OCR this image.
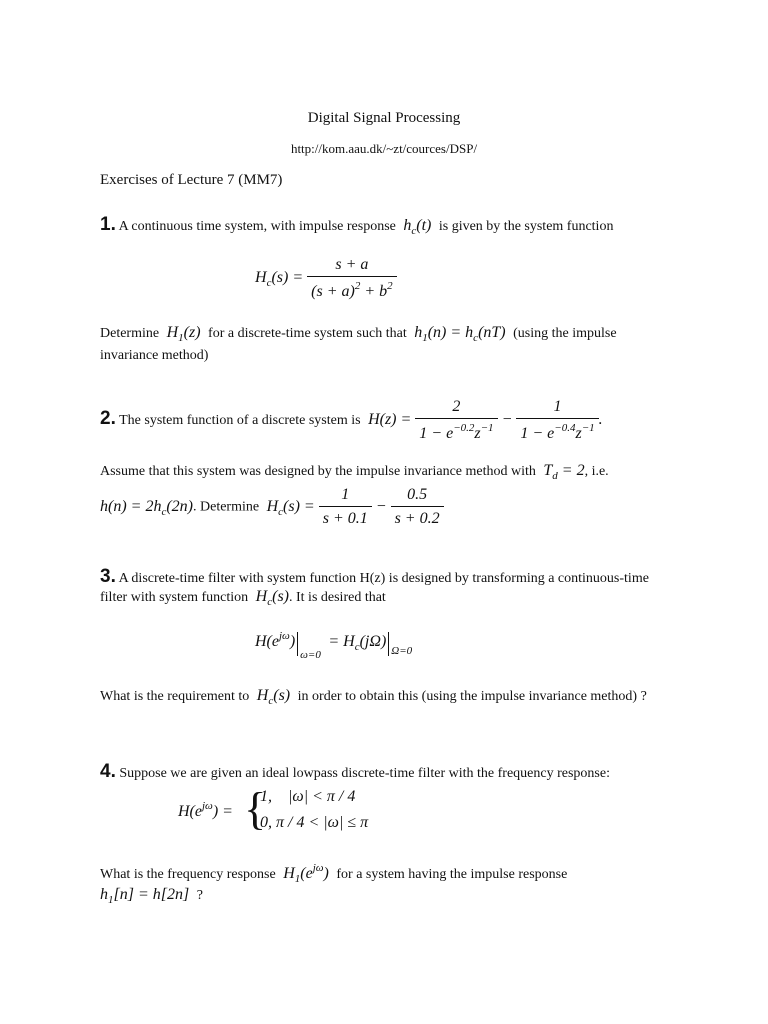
Digital Signal Processing
http://kom.aau.dk/~zt/cources/DSP/
Exercises of Lecture 7 (MM7)
1. A continuous time system, with impulse response  $h_c(t)$  is given by the system function
$H_c(s) = \frac{s + a}{(s + a)^2 + b^2}$
Determine  $H_1(z)$  for a discrete-time system such that  $h_1(n) = h_c(nT)$  (using the impulse
invariance method)
2. The system function of a discrete system is  $H(z) = \frac{2}{1 - e^{-0.2}z^{-1}} - \frac{1}{1 - e^{-0.4}z^{-1}}$ .
Assume that this system was designed by the impulse invariance method with  $T_d = 2$, i.e.
$h(n) = 2h_c(2n)$. Determine  $H_c(s) = \frac{1}{s + 0.1} - \frac{0.5}{s + 0.2}$
3. A discrete-time filter with system function H(z) is designed by transforming a continuous-time
filter with system function  $H_c(s)$. It is desired that
$H(e^{j\omega})_{\omega=0} = H_c(j\Omega)_{\Omega=0}$
What is the requirement to  $H_c(s)$  in order to obtain this (using the impulse invariance method) ?
4. Suppose we are given an ideal lowpass discrete-time filter with the frequency response:
$H(e^{j\omega})$ = {
1,    |ω| < π / 4
0, π / 4 < |ω| ≤ π
What is the frequency response  $H_1(e^{j\omega})$  for a system having the impulse response
$h_1[n] = h[2n]$  ?
